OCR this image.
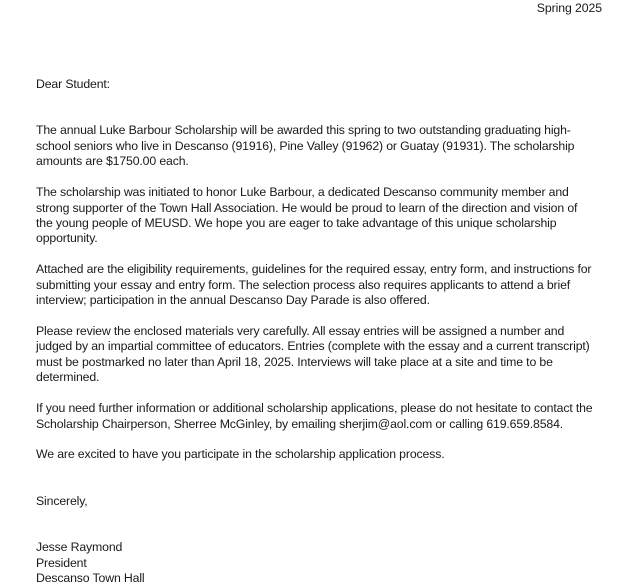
Spring 2025

Dear Student:

The annual Luke Barbour Scholarship will be awarded this spring to two outstanding graduating high-school seniors who live in Descanso (91916), Pine Valley (91962) or Guatay (91931). The scholarship amounts are $1750.00 each.

The scholarship was initiated to honor Luke Barbour, a dedicated Descanso community member and strong supporter of the Town Hall Association. He would be proud to learn of the direction and vision of the young people of MEUSD. We hope you are eager to take advantage of this unique scholarship opportunity.

Attached are the eligibility requirements, guidelines for the required essay, entry form, and instructions for submitting your essay and entry form. The selection process also requires applicants to attend a brief interview; participation in the annual Descanso Day Parade is also offered.

Please review the enclosed materials very carefully. All essay entries will be assigned a number and judged by an impartial committee of educators. Entries (complete with the essay and a current transcript) must be postmarked no later than April 18, 2025. Interviews will take place at a site and time to be determined.

If you need further information or additional scholarship applications, please do not hesitate to contact the Scholarship Chairperson, Sherree McGinley, by emailing sherjim@aol.com or calling 619.659.8584.

We are excited to have you participate in the scholarship application process.

Sincerely,

Jesse Raymond
President
Descanso Town Hall
